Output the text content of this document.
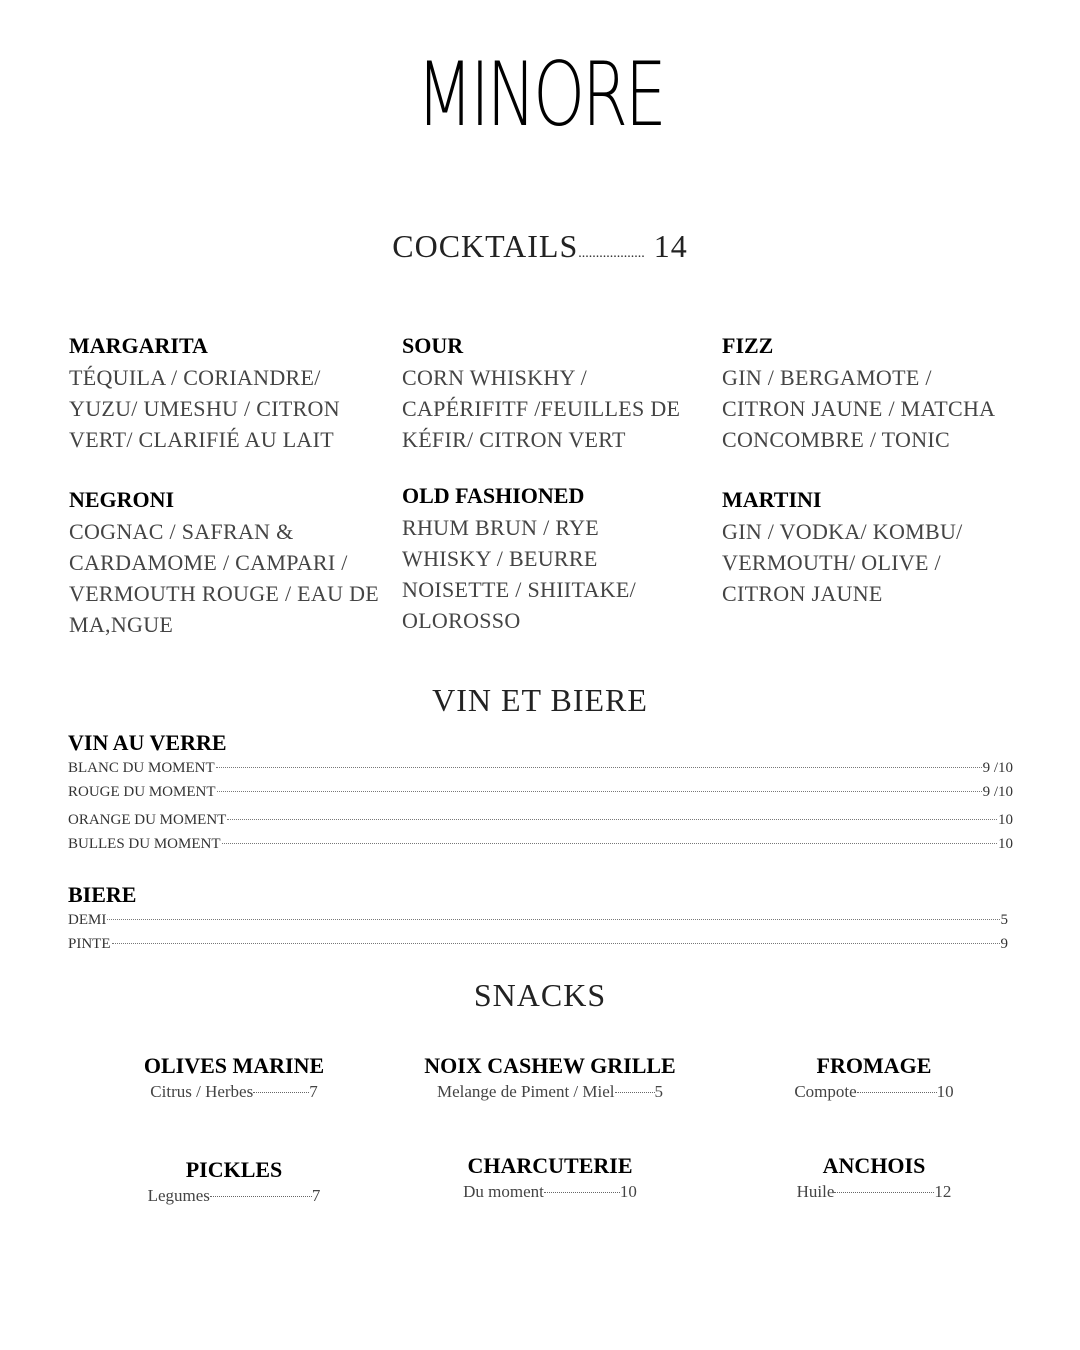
MINORE
COCKTAILS................... 14
MARGARITA

TÉQUILA / CORIANDRE/ YUZU/ UMESHU / CITRON VERT/ CLARIFIÉ AU LAIT

SOUR

CORN WHISKHY / CAPÉRIFITF /FEUILLES DE KÉFIR/ CITRON VERT

FIZZ

GIN / BERGAMOTE / CITRON JAUNE / MATCHA CONCOMBRE / TONIC

NEGRONI

COGNAC / SAFRAN & CARDAMOME / CAMPARI / VERMOUTH ROUGE / EAU DE MA,NGUE

OLD FASHIONED

RHUM BRUN / RYE WHISKY / BEURRE NOISETTE / SHIITAKE/ OLOROSSO

MARTINI

GIN / VODKA/ KOMBU/ VERMOUTH/ OLIVE / CITRON JAUNE

VIN ET BIERE
VIN AU VERRE
BLANC DU MOMENT	9 /10
ROUGE DU MOMENT	9 /10
ORANGE DU MOMENT	10
BULLES DU MOMENT	10
BIERE
DEMI	5
PINTE	9
SNACKS
OLIVES MARINE
Citrus / Herbes	7
NOIX CASHEW GRILLE
Melange de Piment / Miel 5
FROMAGE
Compote	10
PICKLES
Legumes	7
CHARCUTERIE
Du moment	10
ANCHOIS
Huile	12
